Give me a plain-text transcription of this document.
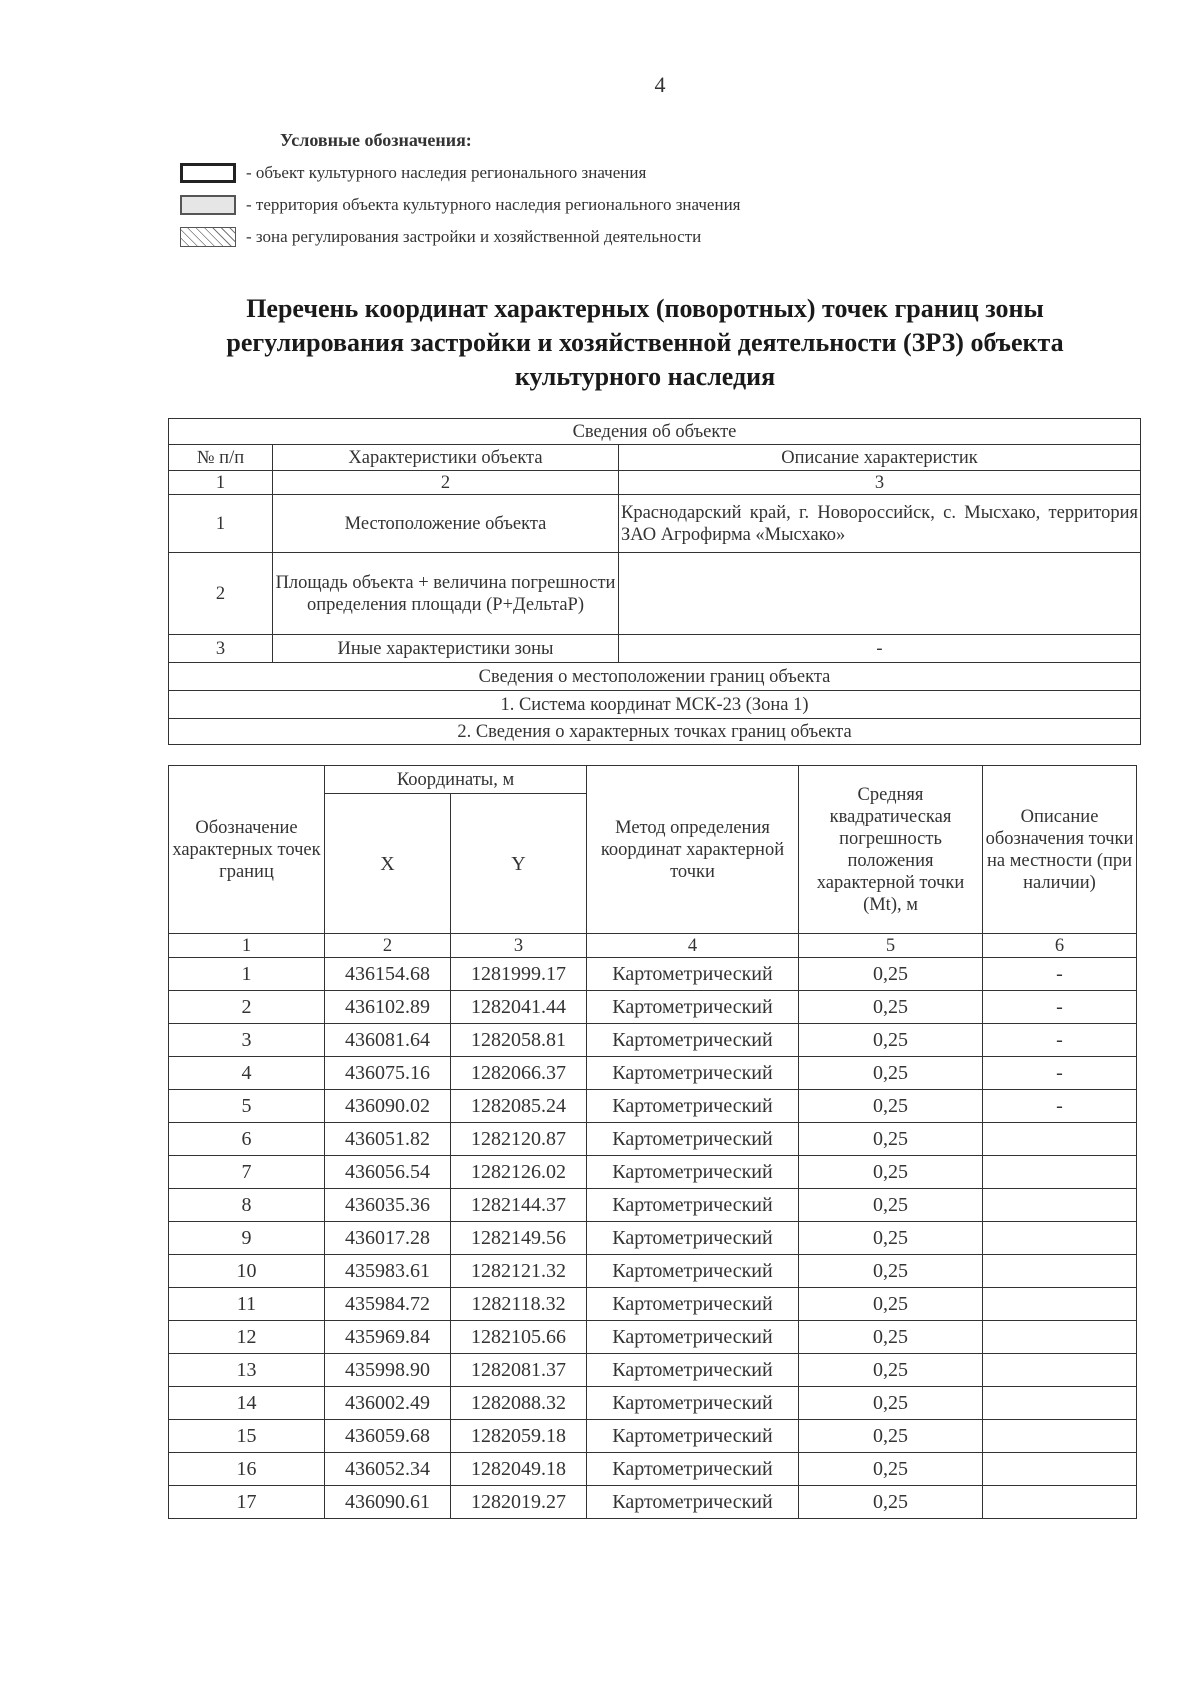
4
Условные обозначения:
- объект культурного наследия регионального значения
- территория объекта культурного наследия регионального значения
- зона регулирования застройки и хозяйственной деятельности
Перечень координат характерных (поворотных) точек границ зоны
регулирования застройки и хозяйственной деятельности (ЗРЗ) объекта
культурного наследия
Сведения об объекте		
№ п/п	Характеристики объекта	Описание характеристик
1	2	3
1	Местоположение объекта	Краснодарский край, г. Новороссийск, с. Мысхако, территория ЗАО Агрофирма «Мысхако»
2	Площадь объекта + величина погрешности определения площади (P+ДельтаP)	
3	Иные характеристики зоны	-
Сведения о местоположении границ объекта		
1. Система координат МСК-23 (Зона 1)		
2. Сведения о характерных точках границ объекта		
Обозначение характерных точек границ	Координаты, м		Метод определения координат характерной точки	Средняя квадратическая погрешность положения характерной точки (Mt), м	Описание обозначения точки на местности (при наличии)
	X	Y			
1	2	3	4	5	6
1	436154.68	1281999.17	Картометрический	0,25	-
2	436102.89	1282041.44	Картометрический	0,25	-
3	436081.64	1282058.81	Картометрический	0,25	-
4	436075.16	1282066.37	Картометрический	0,25	-
5	436090.02	1282085.24	Картометрический	0,25	-
6	436051.82	1282120.87	Картометрический	0,25	
7	436056.54	1282126.02	Картометрический	0,25	
8	436035.36	1282144.37	Картометрический	0,25	
9	436017.28	1282149.56	Картометрический	0,25	
10	435983.61	1282121.32	Картометрический	0,25	
11	435984.72	1282118.32	Картометрический	0,25	
12	435969.84	1282105.66	Картометрический	0,25	
13	435998.90	1282081.37	Картометрический	0,25	
14	436002.49	1282088.32	Картометрический	0,25	
15	436059.68	1282059.18	Картометрический	0,25	
16	436052.34	1282049.18	Картометрический	0,25	
17	436090.61	1282019.27	Картометрический	0,25	
